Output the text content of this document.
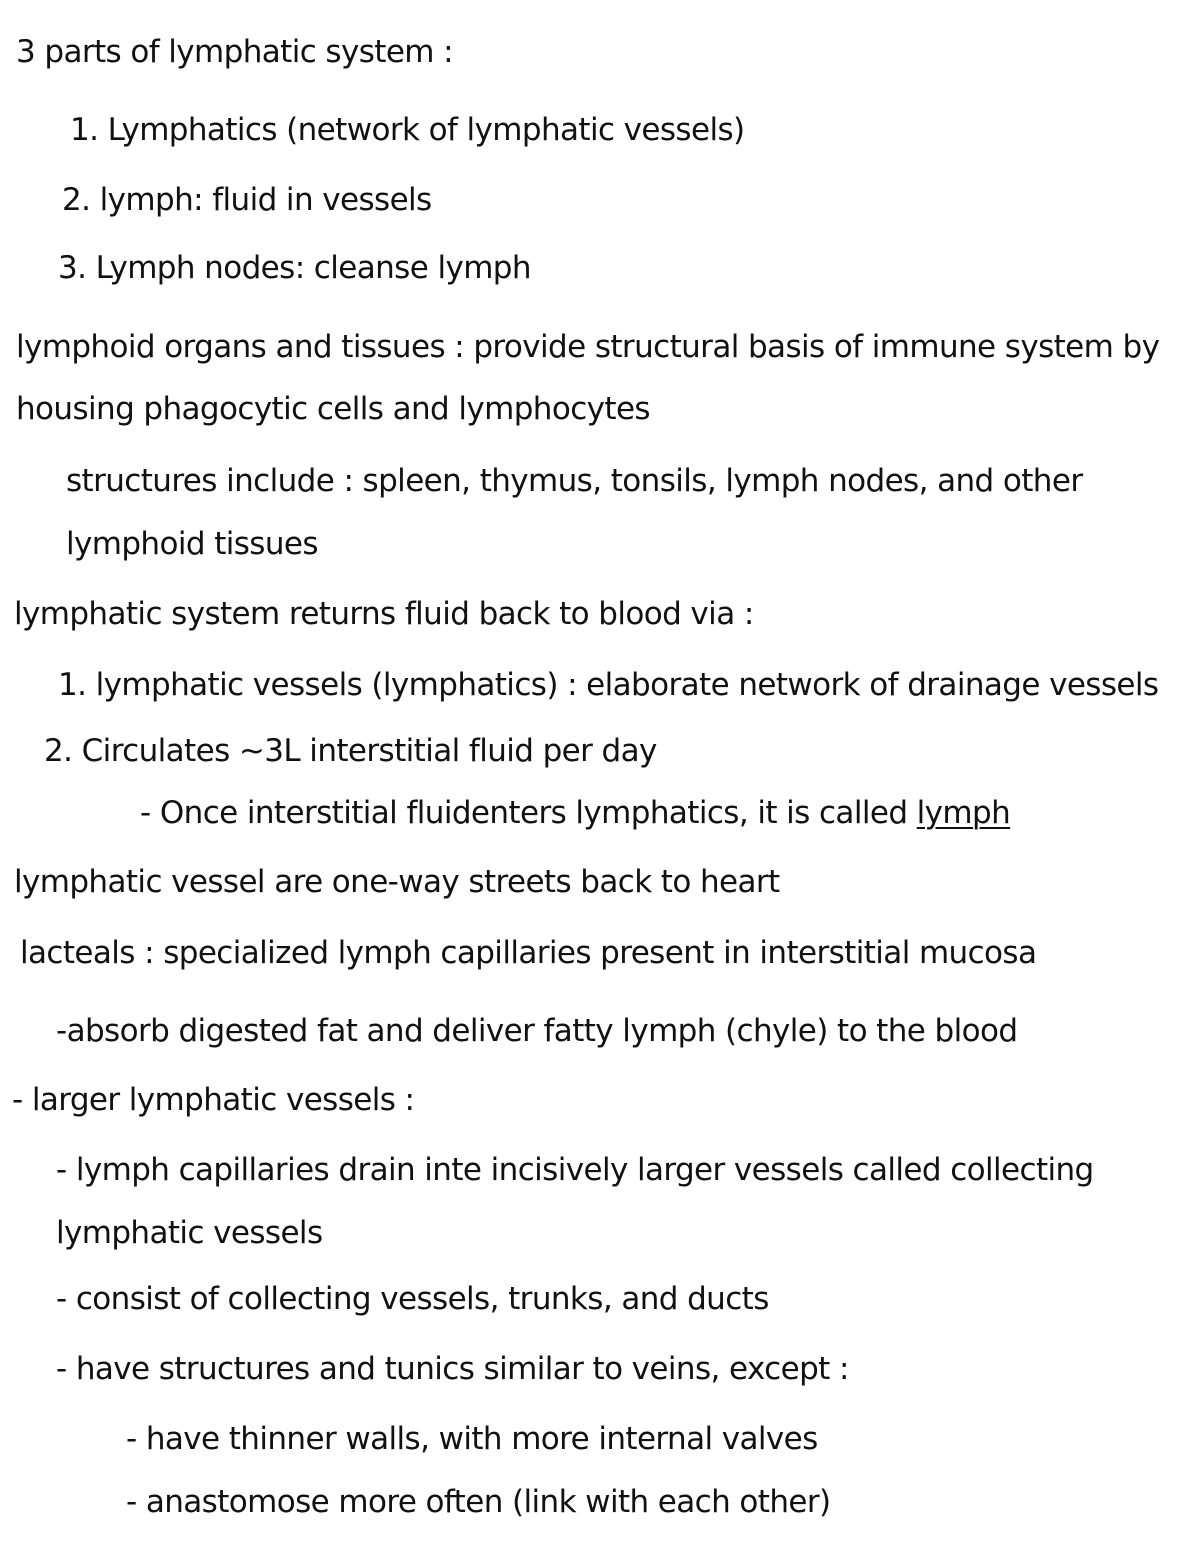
3 parts of lymphatic system :
1. Lymphatics (network of lymphatic vessels)
2. lymph: fluid in vessels
3. Lymph nodes: cleanse lymph
lymphoid organs and tissues : provide structural basis of immune system by
housing phagocytic cells and lymphocytes
structures include : spleen, thymus, tonsils, lymph nodes, and other
lymphoid tissues
lymphatic system returns fluid back to blood via :
1. lymphatic vessels (lymphatics) : elaborate network of drainage vessels
2. Circulates ~3L interstitial fluid per day
- Once interstitial fluidenters lymphatics, it is called lymph
lymphatic vessel are one-way streets back to heart
lacteals : specialized lymph capillaries present in interstitial mucosa
-absorb digested fat and deliver fatty lymph (chyle) to the blood
- larger lymphatic vessels :
- lymph capillaries drain inte incisively larger vessels called collecting
lymphatic vessels
- consist of collecting vessels, trunks, and ducts
- have structures and tunics similar to veins, except :
- have thinner walls, with more internal valves
- anastomose more often (link with each other)
